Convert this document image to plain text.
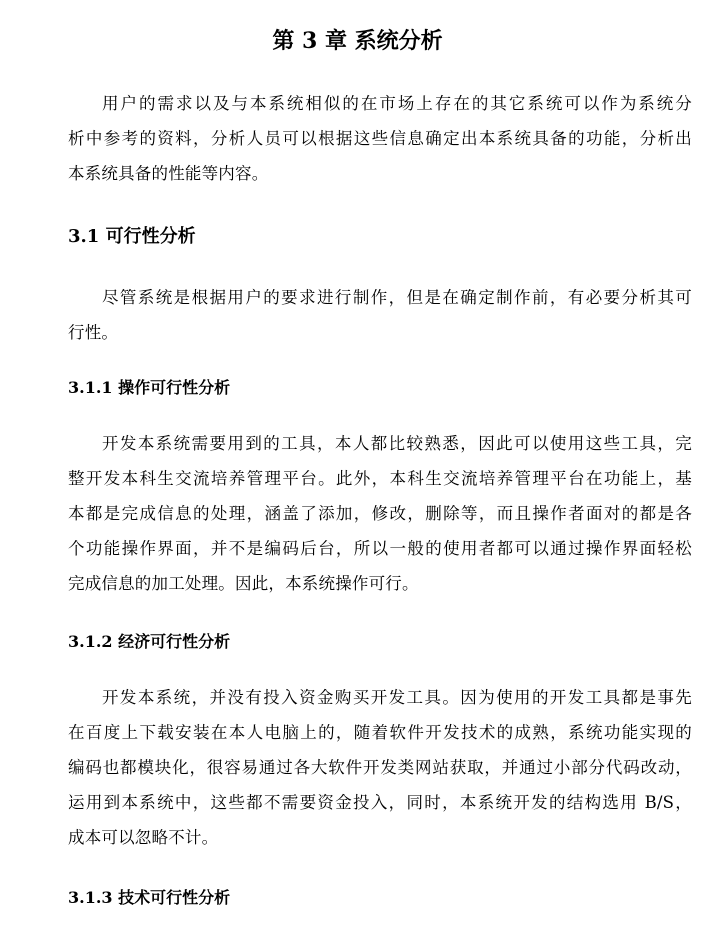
第 3 章 系统分析
用户的需求以及与本系统相似的在市场上存在的其它系统可以作为系统分
析中参考的资料，分析人员可以根据这些信息确定出本系统具备的功能，分析出
本系统具备的性能等内容。
3.1 可行性分析
尽管系统是根据用户的要求进行制作，但是在确定制作前，有必要分析其可
行性。
3.1.1 操作可行性分析
开发本系统需要用到的工具，本人都比较熟悉，因此可以使用这些工具，完
整开发本科生交流培养管理平台。此外，本科生交流培养管理平台在功能上，基
本都是完成信息的处理，涵盖了添加，修改，删除等，而且操作者面对的都是各
个功能操作界面，并不是编码后台，所以一般的使用者都可以通过操作界面轻松
完成信息的加工处理。因此，本系统操作可行。
3.1.2 经济可行性分析
开发本系统，并没有投入资金购买开发工具。因为使用的开发工具都是事先
在百度上下载安装在本人电脑上的，随着软件开发技术的成熟，系统功能实现的
编码也都模块化，很容易通过各大软件开发类网站获取，并通过小部分代码改动，
运用到本系统中，这些都不需要资金投入，同时，本系统开发的结构选用 B/S，
成本可以忽略不计。
3.1.3 技术可行性分析
